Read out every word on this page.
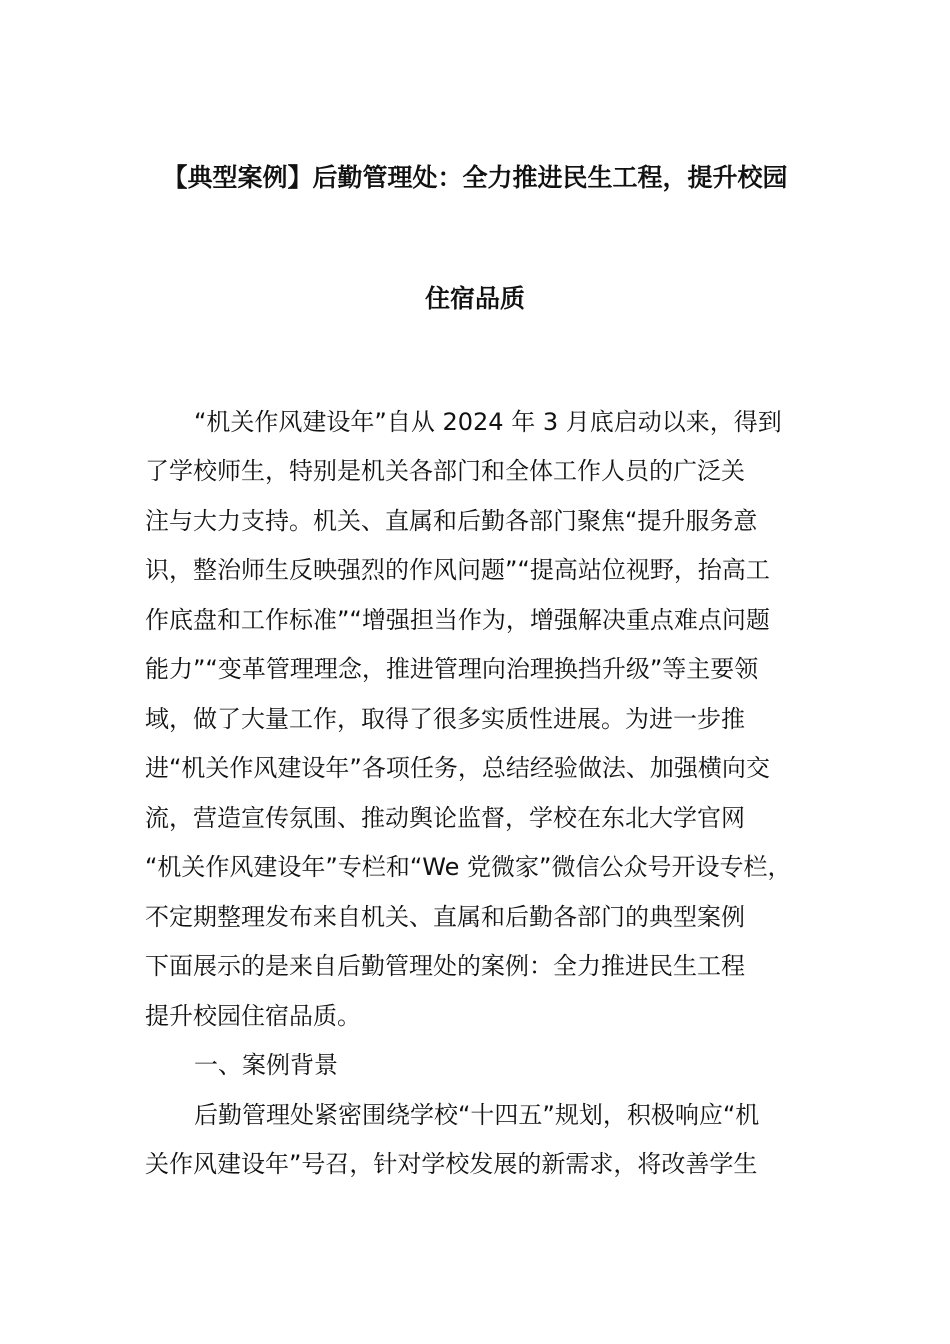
【典型案例】后勤管理处：全力推进民生工程，提升校园
住宿品质
“机关作风建设年”自从 2024 年 3 月底启动以来，得到
了学校师生，特别是机关各部门和全体工作人员的广泛关
注与大力支持。机关、直属和后勤各部门聚焦“提升服务意
识，整治师生反映强烈的作风问题”“提高站位视野，抬高工
作底盘和工作标准”“增强担当作为，增强解决重点难点问题
能力”“变革管理理念，推进管理向治理换挡升级”等主要领
域，做了大量工作，取得了很多实质性进展。为进一步推
进“机关作风建设年”各项任务，总结经验做法、加强横向交
流，营造宣传氛围、推动舆论监督，学校在东北大学官网
“机关作风建设年”专栏和“We 党微家”微信公众号开设专栏，
不定期整理发布来自机关、直属和后勤各部门的典型案例
下面展示的是来自后勤管理处的案例：全力推进民生工程
提升校园住宿品质。
一、案例背景
后勤管理处紧密围绕学校“十四五”规划，积极响应“机
关作风建设年”号召，针对学校发展的新需求，将改善学生
